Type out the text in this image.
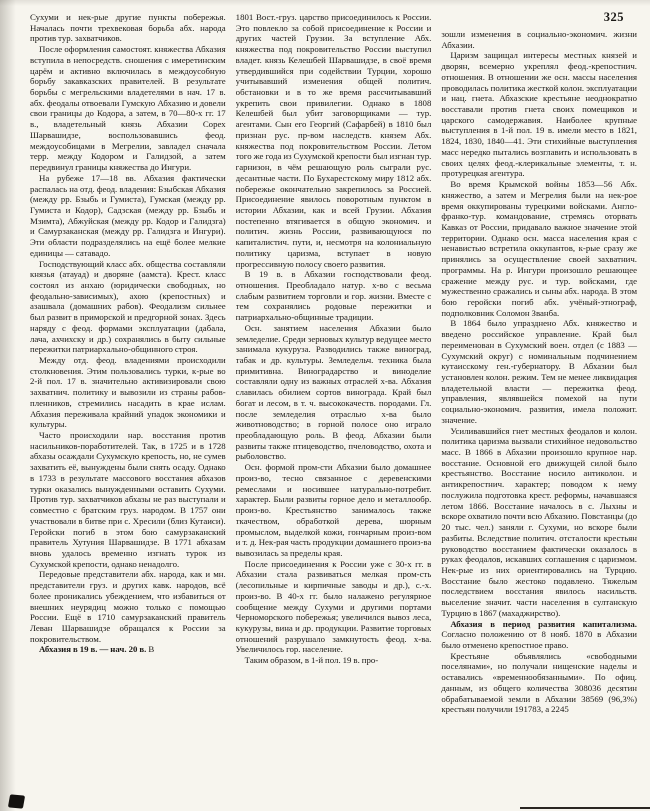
325

Сухуми и нек-рые другие пункты побережья. Началась почти трехвековая борьба абх. народа против тур. захватчиков.

После оформления самостоят. княжества Абхазия вступила в непосредств. сношения с имеретинским царём и активно включилась в междоусобную борьбу закавказских правителей. В результате борьбы с мегрельскими владетелями в нач. 17 в. абх. феодалы отвоевали Гумскую Абхазию и довели свои границы до Кодора, а затем, в 70—80-х гг. 17 в., владетельный князь Абхазии Сорех Шарвашидзе, воспользовавшись феод. междоусобицами в Мегрелии, завладел сначала терр. между Кодором и Галидзой, а затем передвинул границы княжества до Ингури.

На рубеже 17—18 вв. Абхазия фактически распалась на отд. феод. владения: Бзыбская Абхазия (между рр. Бзыбь и Гумиста), Гумская (между рр. Гумиста и Кодор), Садзская (между рр. Бзыбь и Мзимта), Абжуйская (между рр. Кодор и Галидзга) и Самурзаканская (между рр. Галидзга и Ингури). Эти области подразделялись на ещё более мелкие единицы — сатавадо.

Господствующий класс абх. общества составляли князья (атауад) и дворяне (аамста). Крест. класс состоял из анхаю (юридически свободных, но феодально-зависимых), ахою (крепостных) и азашвала (домашних рабов). Феодализм сильнее был развит в приморской и предгорной зонах. Здесь наряду с феод. формами эксплуатации (дабала, лача, ахчихску и др.) сохранялись в быту сильные пережитки патриархально-общинного строя.

Между отд. феод. владениями происходили столкновения. Этим пользовались турки, к-рые во 2-й пол. 17 в. значительно активизировали свою захватнич. политику и вывозили из страны рабов-пленников, стремились насадить в крае ислам. Абхазия переживала крайний упадок экономики и культуры.

Часто происходили нар. восстания против насильников-поработителей. Так, в 1725 и в 1728 абхазы осаждали Сухумскую крепость, но, не сумев захватить её, вынуждены были снять осаду. Однако в 1733 в результате массового восстания абхазов турки оказались вынужденными оставить Сухуми. Против тур. захватчиков абхазы не раз выступали и совместно с братским груз. народом. В 1757 они участвовали в битве при с. Хресили (близ Кутаиси). Геройски погиб в этом бою самурзаканский правитель Хутуния Шарвашидзе. В 1771 абхазам вновь удалось временно изгнать турок из Сухумской крепости, однако ненадолго.

Передовые представители абх. народа, как и мн. представители груз. и других кавк. народов, всё более проникались убеждением, что избавиться от внешних неурядиц можно только с помощью России. Ещё в 1710 самурзаканский правитель Леван Шарвашидзе обращался к России за покровительством.

Абхазия в 19 в. — нач. 20 в. В

1801 Вост.-груз. царство присоединилось к России. Это повлекло за собой присоединение к России и других частей Грузии. За вступление Абх. княжества под покровительство России выступил владет. князь Келешбей Шарвашидзе, в своё время утвердившийся при содействии Турции, хорошо учитывавший изменения общей политич. обстановки и в то же время рассчитывавший укрепить свои привилегии. Однако в 1808 Келешбей был убит заговорщиками — тур. агентами. Сын его Георгий (Сафарбей) в 1810 был признан рус. пр-вом наследств. князем Абх. княжества под покровительством России. Летом того же года из Сухумской крепости был изгнан тур. гарнизон, в чём решающую роль сыграли рус. десантные части. По Бухарестскому миру 1812 абх. побережье окончательно закрепилось за Россией. Присоединение явилось поворотным пунктом в истории Абхазии, как и всей Грузии. Абхазия постепенно втягивается в общую экономич. и политич. жизнь России, развивающуюся по капиталистич. пути, и, несмотря на колониальную политику царизма, вступает в новую прогрессивную полосу своего развития.

В 19 в. в Абхазии господствовали феод. отношения. Преобладало натур. х-во с весьма слабым развитием торговли и гор. жизни. Вместе с тем сохранялись родовые пережитки и патриархально-общинные традиции.

Осн. занятием населения Абхазии было земледелие. Среди зерновых культур ведущее место занимала кукуруза. Разводились также виноград, табак и др. культуры. Земледельч. техника была примитивна. Виноградарство и виноделие составляли одну из важных отраслей х-ва. Абхазия славилась обилием сортов винограда. Край был богат и лесом, в т. ч. высококачеств. породами. Гл. после земледелия отраслью х-ва было животноводство; в горной полосе оно играло преобладающую роль. В феод. Абхазии были развиты также птицеводство, пчеловодство, охота и рыболовство.

Осн. формой пром-сти Абхазии было домашнее произ-во, тесно связанное с деревенскими ремеслами и носившее натурально-потребит. характер. Были развиты горное дело и металлообр. произ-во. Крестьянство занималось также ткачеством, обработкой дерева, шорным промыслом, выделкой кожи, гончарным произ-вом и т. д. Нек-рая часть продукции домашнего произ-ва вывозилась за пределы края.

После присоединения к России уже с 30-х гг. в Абхазии стала развиваться мелкая пром-сть (лесопильные и кирпичные заводы и др.), с.-х. произ-во. В 40-х гг. было налажено регулярное сообщение между Сухуми и другими портами Черноморского побережья; увеличился вывоз леса, кукурузы, вина и др. продукции. Развитие торговых отношений разрушало замкнутость феод. х-ва. Увеличилось гор. население.

Таким образом, в 1-й пол. 19 в. про-

зошли изменения в социально-экономич. жизни Абхазии.

Царизм защищал интересы местных князей и дворян, всемерно укреплял феод.-крепостнич. отношения. В отношении же осн. массы населения проводилась политика жесткой колон. эксплуатации и нац. гнета. Абхазские крестьяне неоднократно восставали против гнета своих помещиков и царского самодержавия. Наиболее крупные выступления в 1-й пол. 19 в. имели место в 1821, 1824, 1830, 1840—41. Эти стихийные выступления масс нередко пытались возглавить и использовать в своих целях феод.-клерикальные элементы, т. н. протурецкая агентура.

Во время Крымской войны 1853—56 Абх. княжество, а затем и Мегрелия были на нек-рое время оккупированы турецкими войсками. Англо-франко-тур. командование, стремясь оторвать Кавказ от России, придавало важное значение этой территории. Однако осн. масса населения края с ненавистью встретила оккупантов, к-рые сразу же принялись за осуществление своей захватнич. программы. На р. Ингури произошло решающее сражение между рус. и тур. войсками, где мужественно сражались и сыны абх. народа. В этом бою геройски погиб абх. учёный-этнограф, подполковник Соломон Званба.

В 1864 было упразднено Абх. княжество и введено российское управление. Край был переименован в Сухумский воен. отдел (с 1883 — Сухумский округ) с номинальным подчинением кутаисскому ген.-губернатору. В Абхазии был установлен колон. режим. Тем не менее ликвидация владетельной власти — пережитка феод. управления, являвшейся помехой на пути социально-экономич. развития, имела положит. значение.

Усиливавшийся гнет местных феодалов и колон. политика царизма вызвали стихийное недовольство масс. В 1866 в Абхазии произошло крупное нар. восстание. Основной его движущей силой было крестьянство. Восстание носило антиколон. и антикрепостнич. характер; поводом к нему послужила подготовка крест. реформы, начавшаяся летом 1866. Восстание началось в с. Лыхны и вскоре охватило почти всю Абхазию. Повстанцы (до 20 тыс. чел.) заняли г. Сухуми, но вскоре были разбиты. Вследствие политич. отсталости крестьян руководство восстанием фактически оказалось в руках феодалов, искавших соглашения с царизмом. Нек-рые из них ориентировались на Турцию. Восстание было жестоко подавлено. Тяжелым последствием восстания явилось насильств. выселение значит. части населения в султанскую Турцию в 1867 (махаджирство).

Абхазия в период развития капитализма. Согласно положению от 8 нояб. 1870 в Абхазии было отменено крепостное право.

Крестьяне объявлялись «свободными поселянами», но получали нищенские наделы и оставались «временнообязанными». По офиц. данным, из общего количества 308036 десятин обрабатываемой земли в Абхазии 38569 (96,3%) крестьян получили 191783, а 2245
